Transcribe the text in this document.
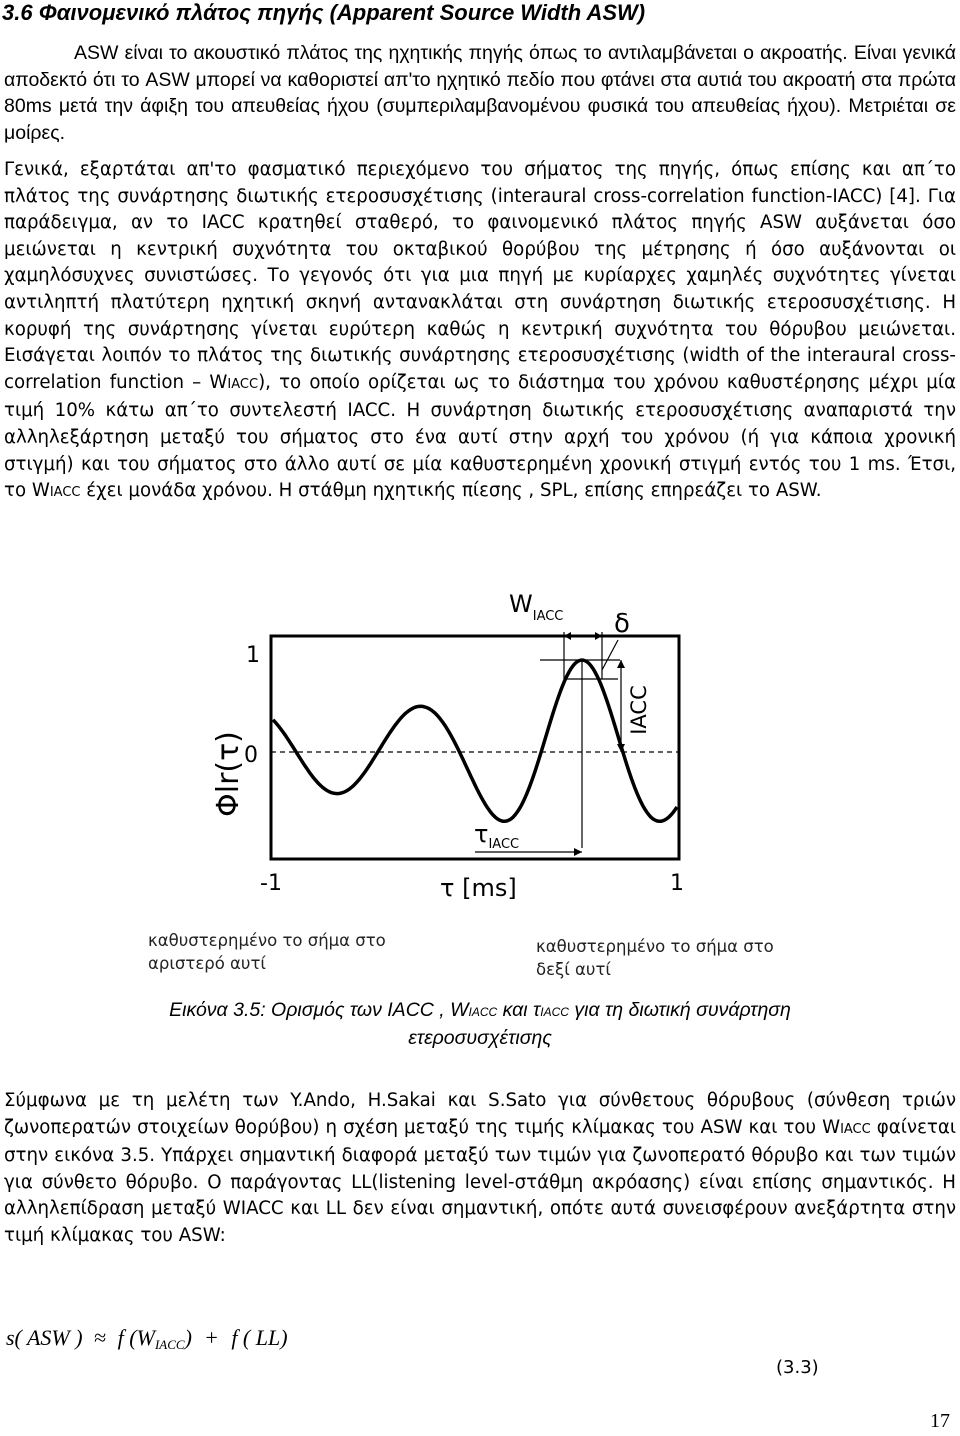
3.6 Φαινομενικό πλάτος πηγής (Apparent Source Width ASW)

ASW είναι το ακουστικό πλάτος της ηχητικής πηγής όπως το αντιλαμβάνεται ο ακροατής. Είναι γενικά αποδεκτό ότι το ASW μπορεί να καθοριστεί απ'το ηχητικό πεδίο που φτάνει στα αυτιά του ακροατή στα πρώτα 80ms μετά την άφιξη του απευθείας ήχου (συμπεριλαμβανομένου φυσικά του απευθείας ήχου). Μετριέται σε μοίρες.

Γενικά, εξαρτάται απ'το φασματικό περιεχόμενο του σήματος της πηγής, όπως επίσης και απ΄το πλάτος της συνάρτησης διωτικής ετεροσυσχέτισης (interaural cross-correlation function-IACC) [4]. Για παράδειγμα, αν το IACC κρατηθεί σταθερό, το φαινομενικό πλάτος πηγής ASW αυξάνεται όσο μειώνεται η κεντρική συχνότητα του οκταβικού θορύβου της μέτρησης ή όσο αυξάνονται οι χαμηλόσυχνες συνιστώσες. Το γεγονός ότι για μια πηγή με κυρίαρχες χαμηλές συχνότητες γίνεται αντιληπτή πλατύτερη ηχητική σκηνή αντανακλάται στη συνάρτηση διωτικής ετεροσυσχέτισης. Η κορυφή της συνάρτησης γίνεται ευρύτερη καθώς η κεντρική συχνότητα του θόρυβου μειώνεται. Εισάγεται λοιπόν το πλάτος της διωτικής συνάρτησης ετεροσυσχέτισης (width of the interaural cross-correlation function – WIACC), το οποίο ορίζεται ως το διάστημα του χρόνου καθυστέρησης μέχρι μία τιμή 10% κάτω απ΄το συντελεστή IACC. Η συνάρτηση διωτικής ετεροσυσχέτισης αναπαριστά την αλληλεξάρτηση μεταξύ του σήματος στο ένα αυτί στην αρχή του χρόνου (ή για κάποια χρονική στιγμή) και του σήματος στο άλλο αυτί σε μία καθυστερημένη χρονική στιγμή εντός του 1 ms. Έτσι, το WIACC έχει μονάδα χρόνου. Η στάθμη ηχητικής πίεσης , SPL, επίσης επηρεάζει το ASW.

Φlr(τ)
1
0
-1	1
τ [ms]
$W_{IACC}$ δ
IACC
$\tau_{IACC}$
καθυστερημένο το σήμα στο
αριστερό αυτί
καθυστερημένο το σήμα στο
δεξί αυτί

Εικόνα 3.5: Ορισμός των IACC , WIACC και τIACC για τη διωτική συνάρτηση ετεροσυσχέτισης

Σύμφωνα με τη μελέτη των Y.Ando, H.Sakai και S.Sato για σύνθετους θόρυβους (σύνθεση τριών ζωνοπερατών στοιχείων θορύβου) η σχέση μεταξύ της τιμής κλίμακας του ASW και του WIACC φαίνεται στην εικόνα 3.5. Υπάρχει σημαντική διαφορά μεταξύ των τιμών για ζωνοπερατό θόρυβο και των τιμών για σύνθετο θόρυβο. Ο παράγοντας LL(listening level-στάθμη ακρόασης) είναι επίσης σημαντικός. Η αλληλεπίδραση μεταξύ WIACC και LL δεν είναι σημαντική, οπότε αυτά συνεισφέρουν ανεξάρτητα στην τιμή κλίμακας του ASW:

s( ASW ) ≈ f (WIACC) + f ( LL)
(3.3)
17
